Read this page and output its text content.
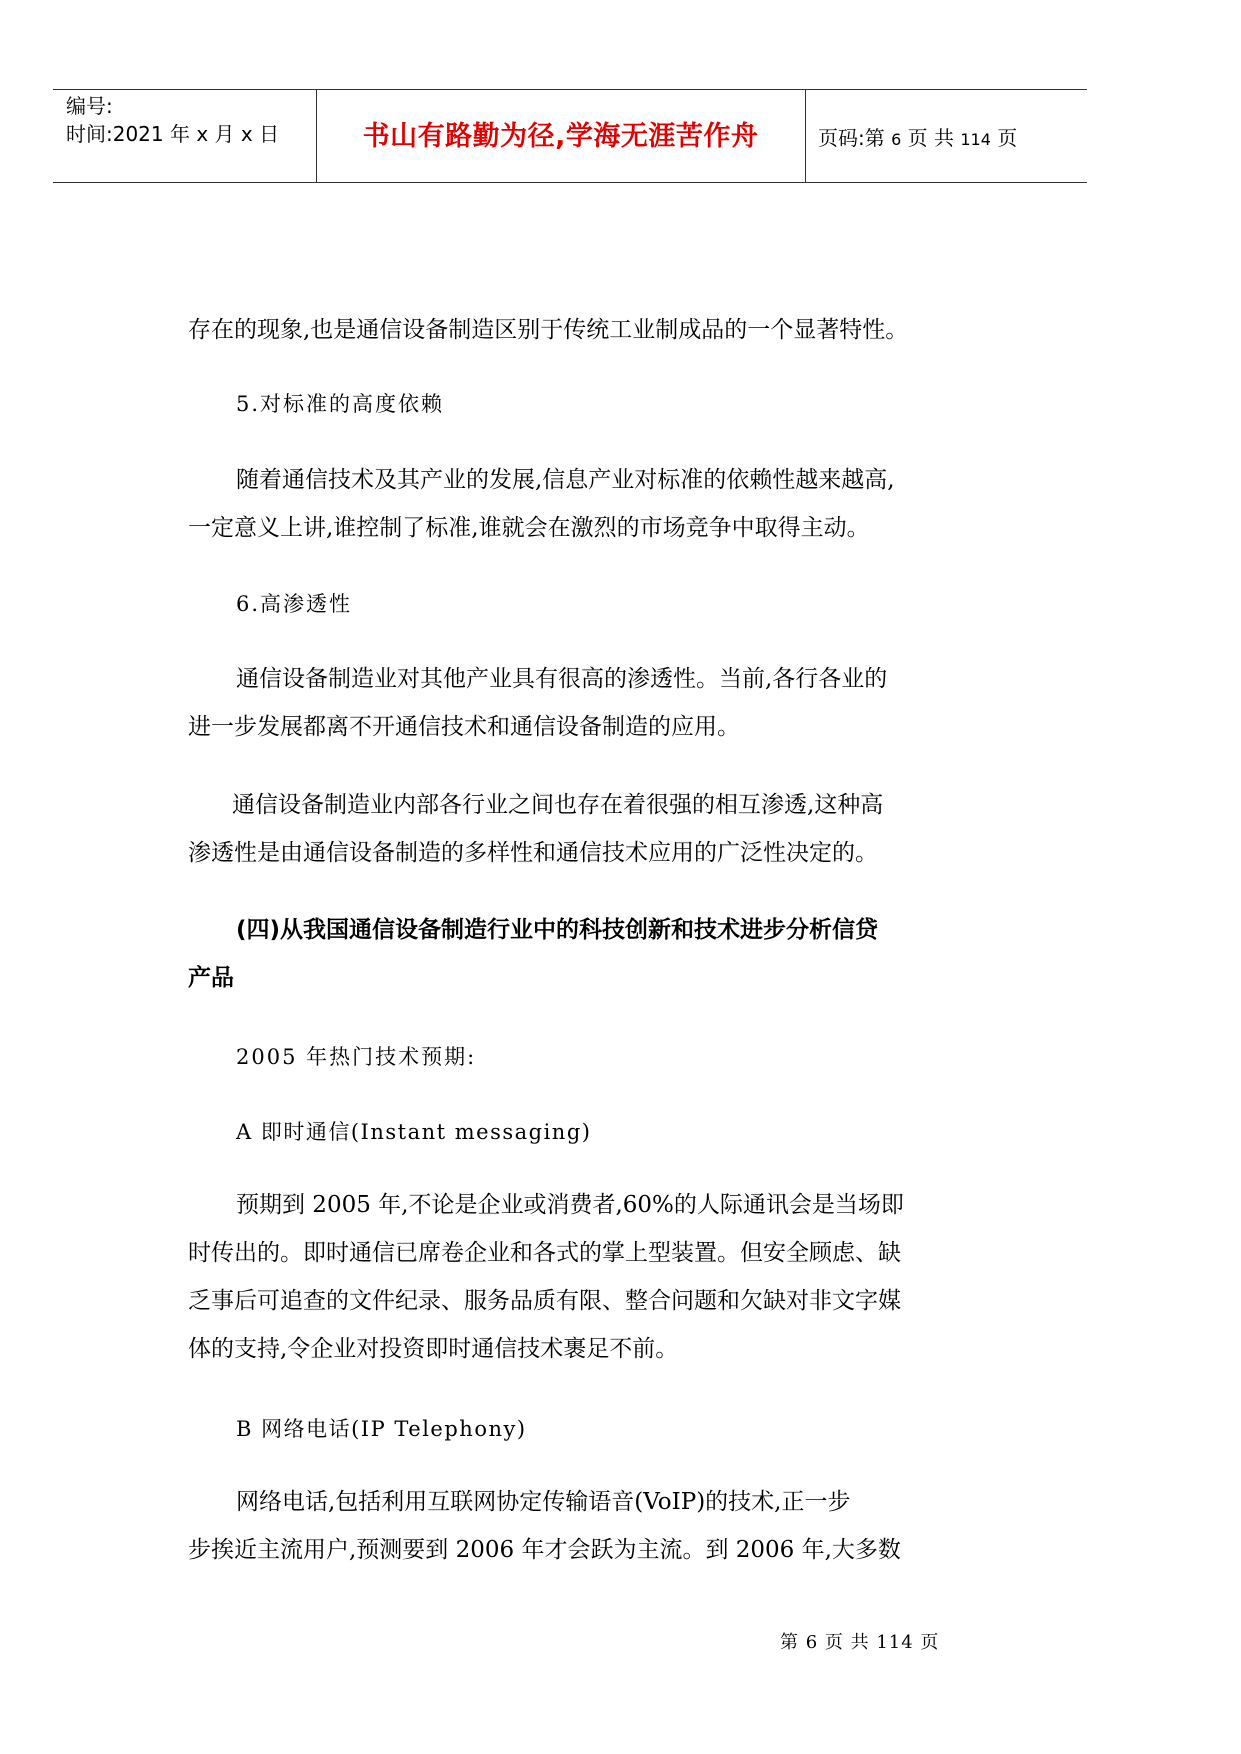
编号:
时间:2021 年 x 月 x 日	书山有路勤为径,学海无涯苦作舟	页码:第 6 页 共 114 页
存在的现象,也是通信设备制造区别于传统工业制成品的一个显著特性。
5.对标准的高度依赖
随着通信技术及其产业的发展,信息产业对标准的依赖性越来越高,
一定意义上讲,谁控制了标准,谁就会在激烈的市场竞争中取得主动。
6.高渗透性
通信设备制造业对其他产业具有很高的渗透性。当前,各行各业的
进一步发展都离不开通信技术和通信设备制造的应用。
通信设备制造业内部各行业之间也存在着很强的相互渗透,这种高
渗透性是由通信设备制造的多样性和通信技术应用的广泛性决定的。
(四)从我国通信设备制造行业中的科技创新和技术进步分析信贷
产品
2005 年热门技术预期:
A 即时通信(Instant messaging)
预期到 2005 年,不论是企业或消费者,60%的人际通讯会是当场即
时传出的。即时通信已席卷企业和各式的掌上型装置。但安全顾虑、缺
乏事后可追查的文件纪录、服务品质有限、整合问题和欠缺对非文字媒
体的支持,令企业对投资即时通信技术裹足不前。
B 网络电话(IP Telephony)
网络电话,包括利用互联网协定传输语音(VoIP)的技术,正一步
步挨近主流用户,预测要到 2006 年才会跃为主流。到 2006 年,大多数
第 6 页 共 114 页
